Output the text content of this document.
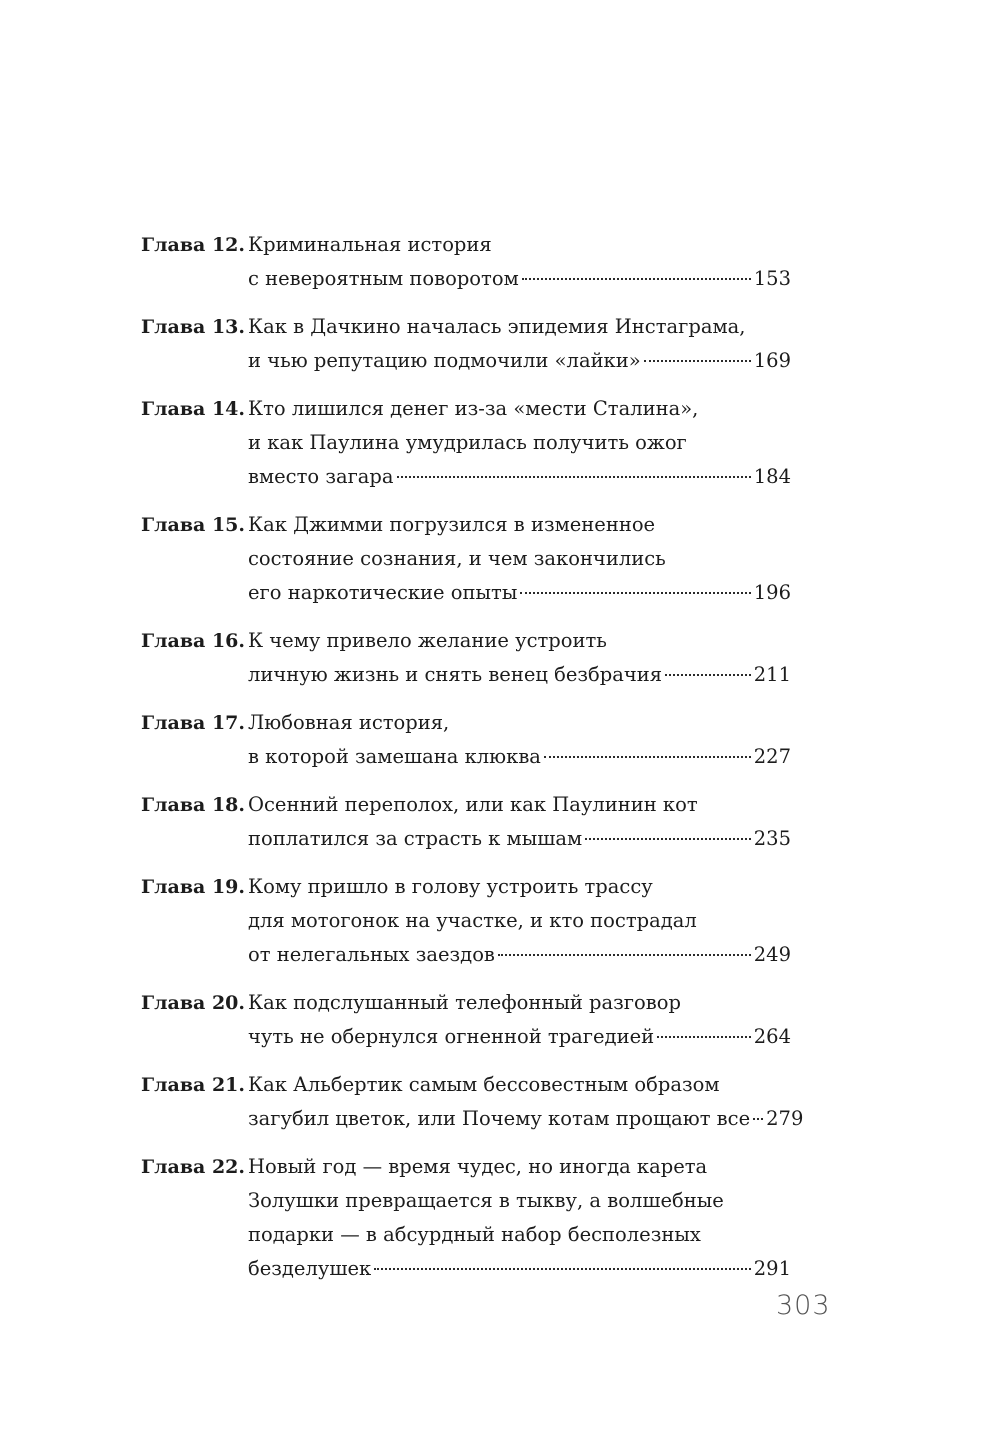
Глава 12. Криминальная история
с невероятным поворотом	153
Глава 13. Как в Дачкино началась эпидемия Инстаграма,
и чью репутацию подмочили «лайки»	169
Глава 14. Кто лишился денег из-за «мести Сталина»,
и как Паулина умудрилась получить ожог
вместо загара	184
Глава 15. Как Джимми погрузился в измененное
состояние сознания, и чем закончились
его наркотические опыты	196
Глава 16. К чему привело желание устроить
личную жизнь и снять венец безбрачия	211
Глава 17. Любовная история,
в которой замешана клюква	227
Глава 18. Осенний переполох, или как Паулинин кот
поплатился за страсть к мышам	235
Глава 19. Кому пришло в голову устроить трассу
для мотогонок на участке, и кто пострадал
от нелегальных заездов	249
Глава 20. Как подслушанный телефонный разговор
чуть не обернулся огненной трагедией	264
Глава 21. Как Альбертик самым бессовестным образом
загубил цветок, или Почему котам прощают все 279
Глава 22. Новый год — время чудес, но иногда карета
Золушки превращается в тыкву, а волшебные
подарки — в абсурдный набор бесполезных
безделушек	291
303
